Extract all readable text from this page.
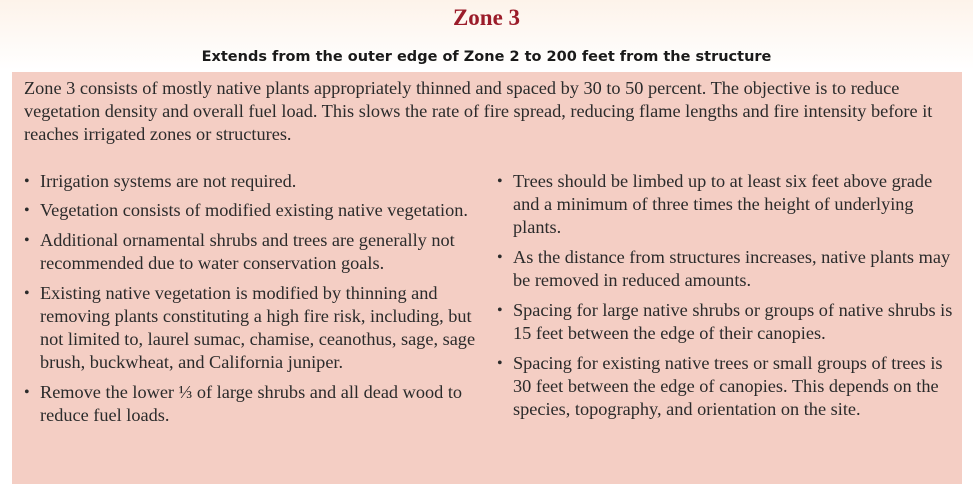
Zone 3
Extends from the outer edge of Zone 2 to 200 feet from the structure

Zone 3 consists of mostly native plants appropriately thinned and spaced by 30 to 50 percent. The objective is to reduce vegetation density and overall fuel load. This slows the rate of fire spread, reducing flame lengths and fire intensity before it reaches irrigated zones or structures.

• Irrigation systems are not required.
• Vegetation consists of modified existing native vegetation.
• Additional ornamental shrubs and trees are generally not recommended due to water conservation goals.
• Existing native vegetation is modified by thinning and removing plants constituting a high fire risk, including, but not limited to, laurel sumac, chamise, ceanothus, sage, sage brush, buckwheat, and California juniper.
• Remove the lower ⅓ of large shrubs and all dead wood to reduce fuel loads.
• Trees should be limbed up to at least six feet above grade and a minimum of three times the height of underlying plants.
• As the distance from structures increases, native plants may be removed in reduced amounts.
• Spacing for large native shrubs or groups of native shrubs is 15 feet between the edge of their canopies.
• Spacing for existing native trees or small groups of trees is 30 feet between the edge of canopies. This depends on the species, topography, and orientation on the site.
